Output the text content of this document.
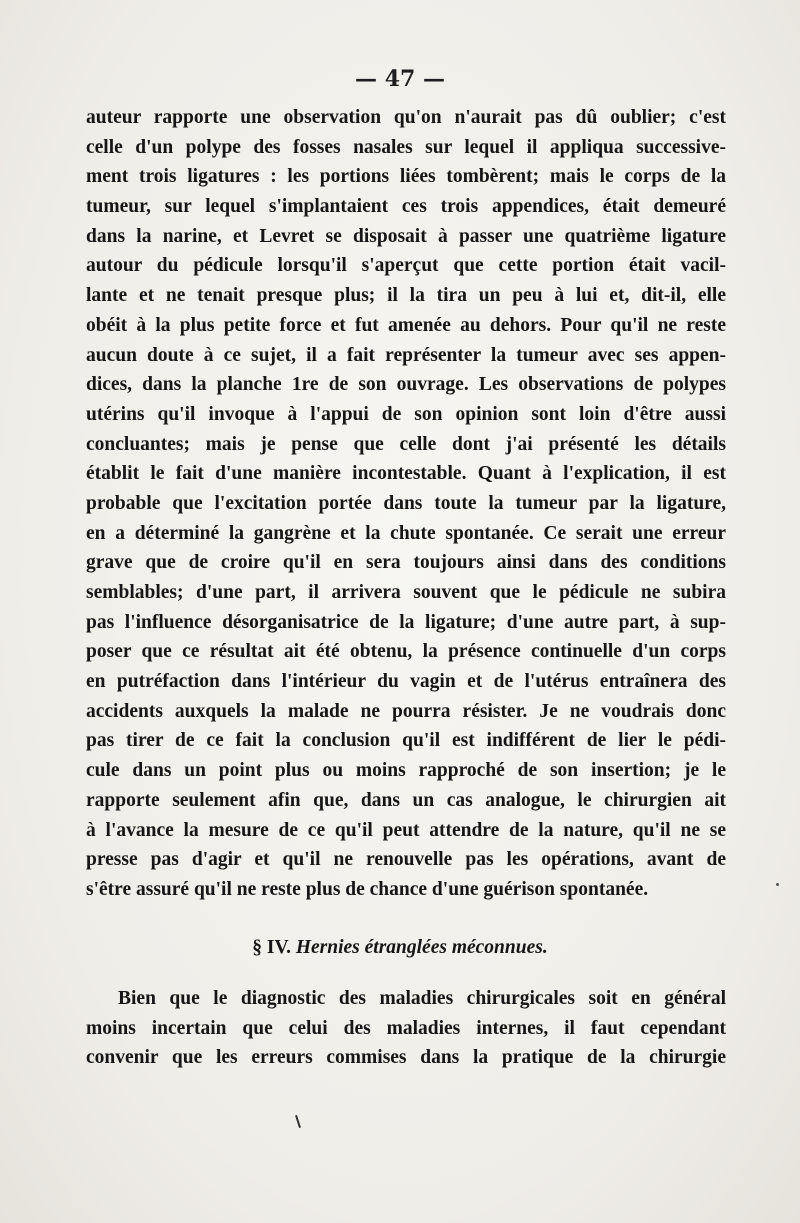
— 47 —
auteur rapporte une observation qu'on n'aurait pas dû oublier; c'est
celle d'un polype des fosses nasales sur lequel il appliqua successive-
ment trois ligatures : les portions liées tombèrent; mais le corps de la
tumeur, sur lequel s'implantaient ces trois appendices, était demeuré
dans la narine, et Levret se disposait à passer une quatrième ligature
autour du pédicule lorsqu'il s'aperçut que cette portion était vacil-
lante et ne tenait presque plus; il la tira un peu à lui et, dit-il, elle
obéit à la plus petite force et fut amenée au dehors. Pour qu'il ne reste
aucun doute à ce sujet, il a fait représenter la tumeur avec ses appen-
dices, dans la planche 1re de son ouvrage. Les observations de polypes
utérins qu'il invoque à l'appui de son opinion sont loin d'être aussi
concluantes; mais je pense que celle dont j'ai présenté les détails
établit le fait d'une manière incontestable. Quant à l'explication, il est
probable que l'excitation portée dans toute la tumeur par la ligature,
en a déterminé la gangrène et la chute spontanée. Ce serait une erreur
grave que de croire qu'il en sera toujours ainsi dans des conditions
semblables; d'une part, il arrivera souvent que le pédicule ne subira
pas l'influence désorganisatrice de la ligature; d'une autre part, à sup-
poser que ce résultat ait été obtenu, la présence continuelle d'un corps
en putréfaction dans l'intérieur du vagin et de l'utérus entraînera des
accidents auxquels la malade ne pourra résister. Je ne voudrais donc
pas tirer de ce fait la conclusion qu'il est indifférent de lier le pédi-
cule dans un point plus ou moins rapproché de son insertion; je le
rapporte seulement afin que, dans un cas analogue, le chirurgien ait
à l'avance la mesure de ce qu'il peut attendre de la nature, qu'il ne se
presse pas d'agir et qu'il ne renouvelle pas les opérations, avant de
s'être assuré qu'il ne reste plus de chance d'une guérison spontanée.
§ IV. Hernies étranglées méconnues.
Bien que le diagnostic des maladies chirurgicales soit en général
moins incertain que celui des maladies internes, il faut cependant
convenir que les erreurs commises dans la pratique de la chirurgie
